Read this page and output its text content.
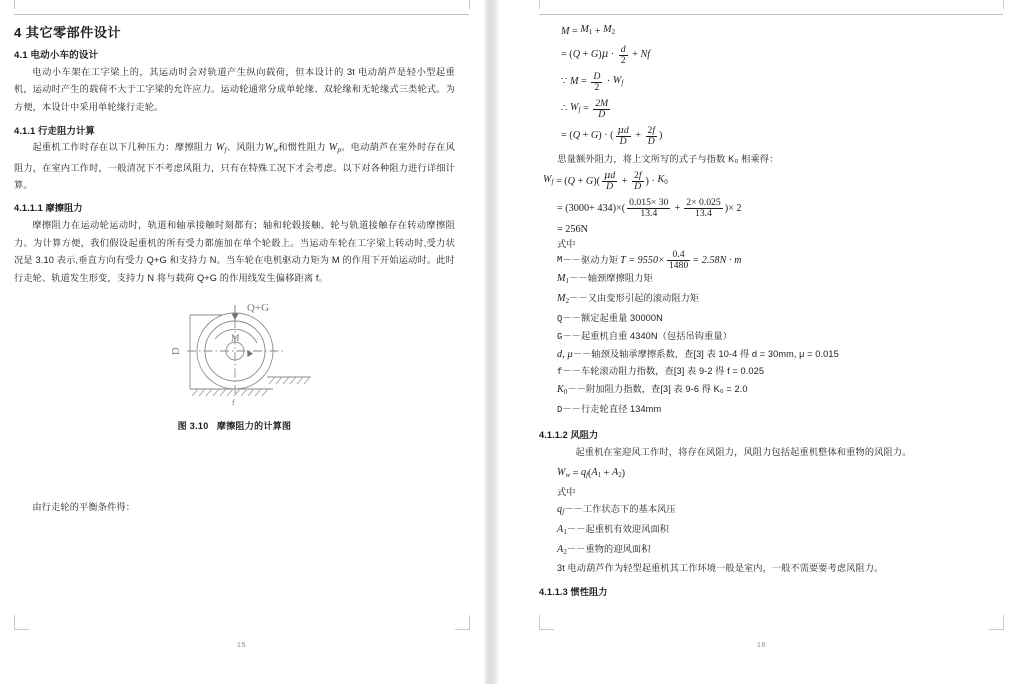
4 其它零部件设计
4.1 电动小车的设计

电动小车架在工字梁上的，其运动时会对轨道产生纵向载荷，但本设计的 3t 电动葫芦是轻小型起重机，运动时产生的载荷不大于工字梁的允许应力。运动轮通常分成单轮缘、双轮缘和无轮缘式三类轮式。为方便，本设计中采用单轮缘行走轮。

4.1.1 行走阻力计算

起重机工作时存在以下几种压力：摩擦阻力 $W_f$、风阻力$W_w$和惯性阻力 $W_p$。电动葫芦在室外时存在风阻力，在室内工作时，一般清况下不考虑风阻力，只有在特殊工况下才会考虑。以下对各种阻力进行详细计算。

4.1.1.1 摩擦阻力

摩擦阻力在运动轮运动时，轨道和轴承接触时刻都有；轴和轮毂接触、轮与轨道接触存在转动摩擦阻力。为计算方便，我们假设起重机的所有受力都施加在单个轮毂上。当运动车轮在工字梁上转动时,受力状况是 3.10 表示,垂直方向有受力 Q+G 和支持力 N。当车轮在电机驱动力矩为 M 的作用下开始运动时。此时行走轮、轨道发生形变，支持力 N 将与载荷 Q+G 的作用线发生偏移距离 f。

Q+G
D
M
f
图 3.10 摩擦阻力的计算图

由行走轮的平衡条件得：

15
$M = M_1 + M_2$
= ( Q + G ) $\mu \cdot \frac{d}{2} + Nf$
∵ $M = \frac{D}{2} \cdot W_f$
∴ $W_f = \frac{2M}{D}$
= ( Q + G ) · ( $\frac{\mu d}{D} + \frac{2f}{D}$ )

思量额外阻力，将上文所写的式子与指数 K₀ 相乘得：

$W_f$ = ( Q + G )( $\frac{\mu d}{D} + \frac{2f}{D}$ ) · $K_0$
= $(3000+ 434)\times( \frac{0.015\times 30}{13.4} + \frac{2\times 0.025}{13.4}$ )× 2
= 256N
式中
M －－ 驱动力矩 $T = 9550\times \frac{0.4}{1480} = 2.58N \cdot m$
$M_1--$轴颈摩擦阻力矩
$M_2--$又由变形引起的滚动阻力矩
Q－－额定起重量 30000N
G－－起重机自重 4340N（包括吊钩重量）
d, μ－－轴颈及轴承摩擦系数，查[3] 表 10-4 得 d = 30mm, μ = 0.015
f－－车轮滚动阻力指数，查[3] 表 9-2 得 f = 0.025
$K_0--$附加阻力指数，查[3] 表 9-6 得 K₀ = 2.0
D－－行走轮直径 134mm
4.1.1.2 风阻力

起重机在室迎风工作时，将存在风阻力，风阻力包括起重机整体和重物的风阻力。

$W_w = q_f$ ( $A_1 + A_2$ )
式中
$q_f--$工作状态下的基本风压
$A_1--$起重机有效迎风面积
$A_2--$重物的迎风面积
3t 电动葫芦作为轻型起重机其工作环境一般是室内，一般不需要要考虑风阻力。
4.1.1.3 惯性阻力
16
